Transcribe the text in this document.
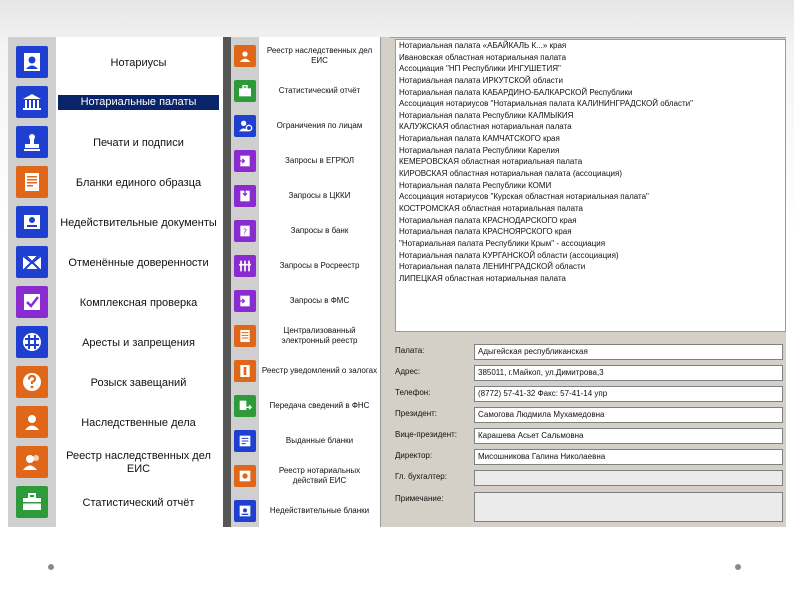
Нотариусы
Нотариальные палаты
Печати и подписи
Бланки единого образца
Недействительные документы
Отменённые доверенности
Комплексная проверка
Аресты и запрещения
Розыск завещаний
Наследственные дела
Реестр наследственных дел ЕИС
Статистический отчёт
Реестр наследственных дел ЕИС
Статистический отчёт
Ограничения по лицам
Запросы в ЕГРЮЛ
Запросы в ЦККИ
?	Запросы в банк
Запросы в Росреестр
Запросы в ФМС
Централизованный электронный реестр
Реестр уведомлений о залогах
Передача сведений в ФНС
Выданные бланки
Реестр нотариальных действий ЕИС
Недействительные бланки
Нотариальная палата «АБАЙКАЛЬ К...» края
Ивановская областная нотариальная палата
Ассоциация "НП Республики ИНГУШЕТИЯ"
Нотариальная палата ИРКУТСКОЙ области
Нотариальная палата КАБАРДИНО-БАЛКАРСКОЙ Республики
Ассоциация нотариусов "Нотариальная палата КАЛИНИНГРАДСКОЙ области"
Нотариальная палата Республики КАЛМЫКИЯ
КАЛУЖСКАЯ областная нотариальная палата
Нотариальная палата КАМЧАТСКОГО края
Нотариальная палата Республики Карелия
КЕМЕРОВСКАЯ областная нотариальная палата
КИРОВСКАЯ областная нотариальная палата (ассоциация)
Нотариальная палата Республики КОМИ
Ассоциация нотариусов "Курская областная нотариальная палата"
КОСТРОМСКАЯ областная нотариальная палата
Нотариальная палата КРАСНОДАРСКОГО края
Нотариальная палата КРАСНОЯРСКОГО края
"Нотариальная палата Республики Крым" - ассоциация
Нотариальная палата КУРГАНСКОЙ области (ассоциация)
Нотариальная палата ЛЕНИНГРАДСКОЙ области
ЛИПЕЦКАЯ областная нотариальная палата
Палата:	Адыгейская республиканская
Адрес:	385011, г.Майкоп, ул.Димитрова,3
Телефон:	(8772) 57-41-32 Факс: 57-41-14 упр
Президент:	Самогова Людмила Мухамедовна
Вице-президент:	Карашева Асьет Сальмовна
Директор:	Мисошникова Галина Николаевна
Гл. бухгалтер:
Примечание:
